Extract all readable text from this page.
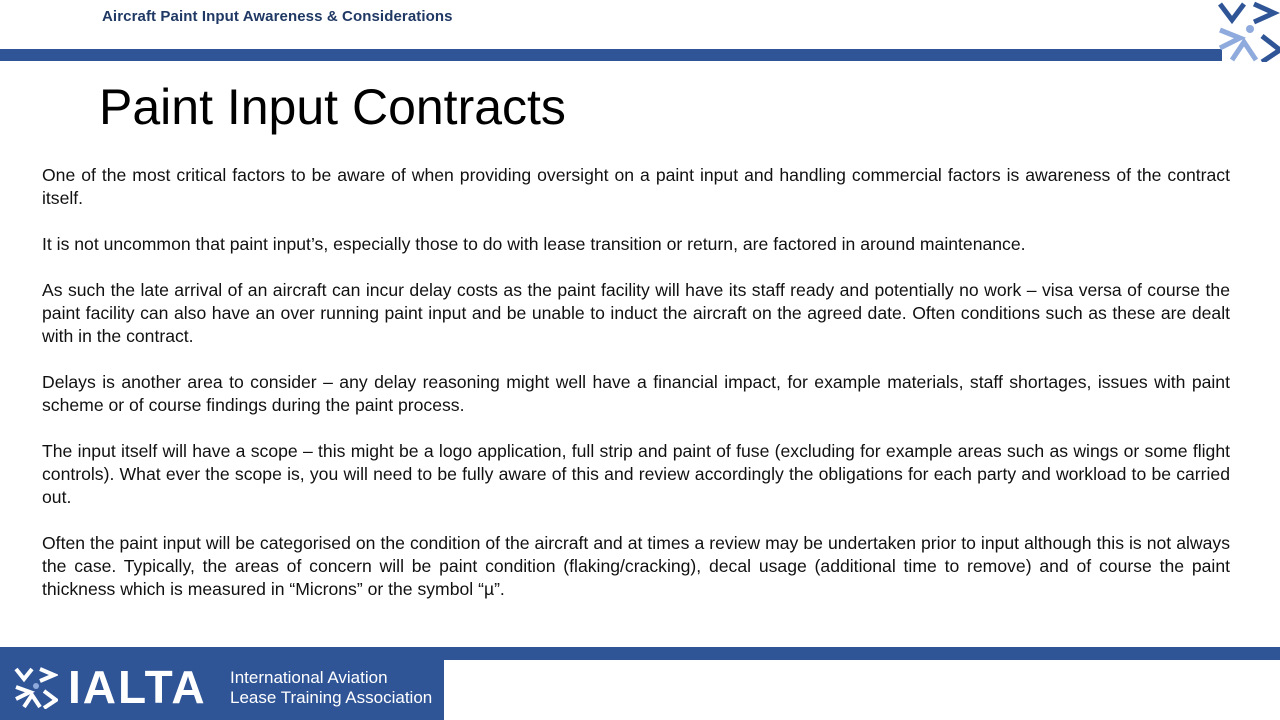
Aircraft Paint Input Awareness & Considerations
Paint Input Contracts

One of the most critical factors to be aware of when providing oversight on a paint input and handling commercial factors is awareness of the contract itself.

It is not uncommon that paint input’s, especially those to do with lease transition or return, are factored in around maintenance.

As such the late arrival of an aircraft can incur delay costs as the paint facility will have its staff ready and potentially no work – visa versa of course the paint facility can also have an over running paint input and be unable to induct the aircraft on the agreed date. Often conditions such as these are dealt with in the contract.

Delays is another area to consider – any delay reasoning might well have a financial impact, for example materials, staff shortages, issues with paint scheme or of course findings during the paint process.

The input itself will have a scope – this might be a logo application, full strip and paint of fuse (excluding for example areas such as wings or some flight controls). What ever the scope is, you will need to be fully aware of this and review accordingly the obligations for each party and workload to be carried out.

Often the paint input will be categorised on the condition of the aircraft and at times a review may be undertaken prior to input although this is not always the case. Typically, the areas of concern will be paint condition (flaking/cracking), decal usage (additional time to remove) and of course the paint thickness which is measured in “Microns” or the symbol “µ”.

IALTA International Aviation
Lease Training Association
